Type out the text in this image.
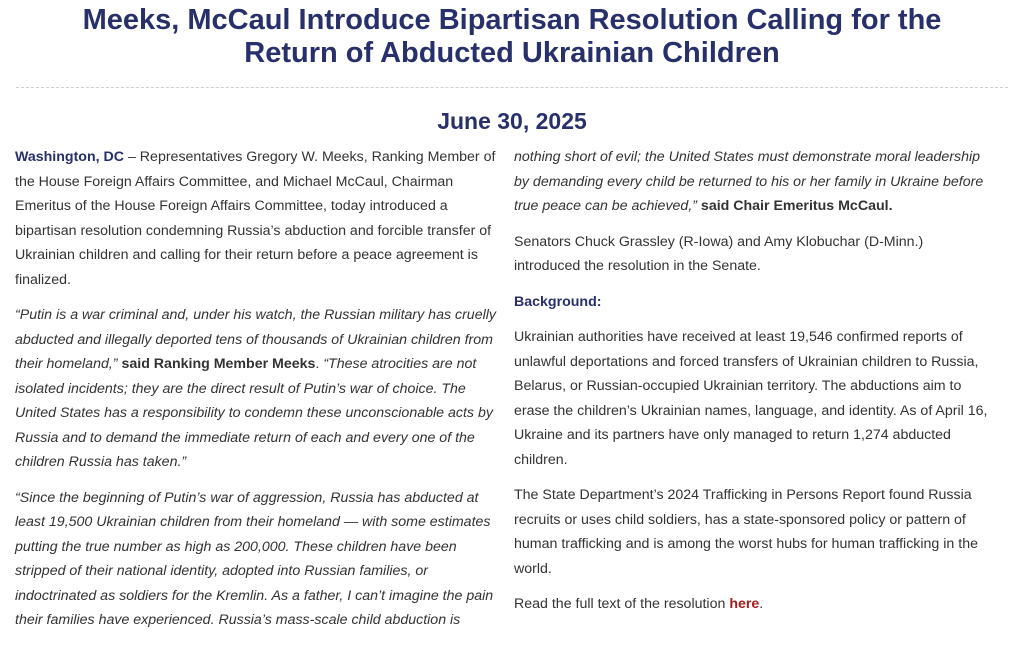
Meeks, McCaul Introduce Bipartisan Resolution Calling for the
Return of Abducted Ukrainian Children
June 30, 2025

Washington, DC – Representatives Gregory W. Meeks, Ranking Member of the House Foreign Affairs Committee, and Michael McCaul, Chairman Emeritus of the House Foreign Affairs Committee, today introduced a bipartisan resolution condemning Russia’s abduction and forcible transfer of Ukrainian children and calling for their return before a peace agreement is finalized.

“Putin is a war criminal and, under his watch, the Russian military has cruelly abducted and illegally deported tens of thousands of Ukrainian children from their homeland,” said Ranking Member Meeks. “These atrocities are not isolated incidents; they are the direct result of Putin’s war of choice. The United States has a responsibility to condemn these unconscionable acts by Russia and to demand the immediate return of each and every one of the children Russia has taken.”

“Since the beginning of Putin’s war of aggression, Russia has abducted at least 19,500 Ukrainian children from their homeland — with some estimates putting the true number as high as 200,000. These children have been stripped of their national identity, adopted into Russian families, or indoctrinated as soldiers for the Kremlin. As a father, I can’t imagine the pain their families have experienced. Russia’s mass-scale child abduction is

nothing short of evil; the United States must demonstrate moral leadership by demanding every child be returned to his or her family in Ukraine before true peace can be achieved,” said Chair Emeritus McCaul.

Senators Chuck Grassley (R-Iowa) and Amy Klobuchar (D-Minn.) introduced the resolution in the Senate.

Background:

Ukrainian authorities have received at least 19,546 confirmed reports of unlawful deportations and forced transfers of Ukrainian children to Russia, Belarus, or Russian-occupied Ukrainian territory. The abductions aim to erase the children’s Ukrainian names, language, and identity. As of April 16, Ukraine and its partners have only managed to return 1,274 abducted children.

The State Department’s 2024 Trafficking in Persons Report found Russia recruits or uses child soldiers, has a state-sponsored policy or pattern of human trafficking and is among the worst hubs for human trafficking in the world.

Read the full text of the resolution here.
